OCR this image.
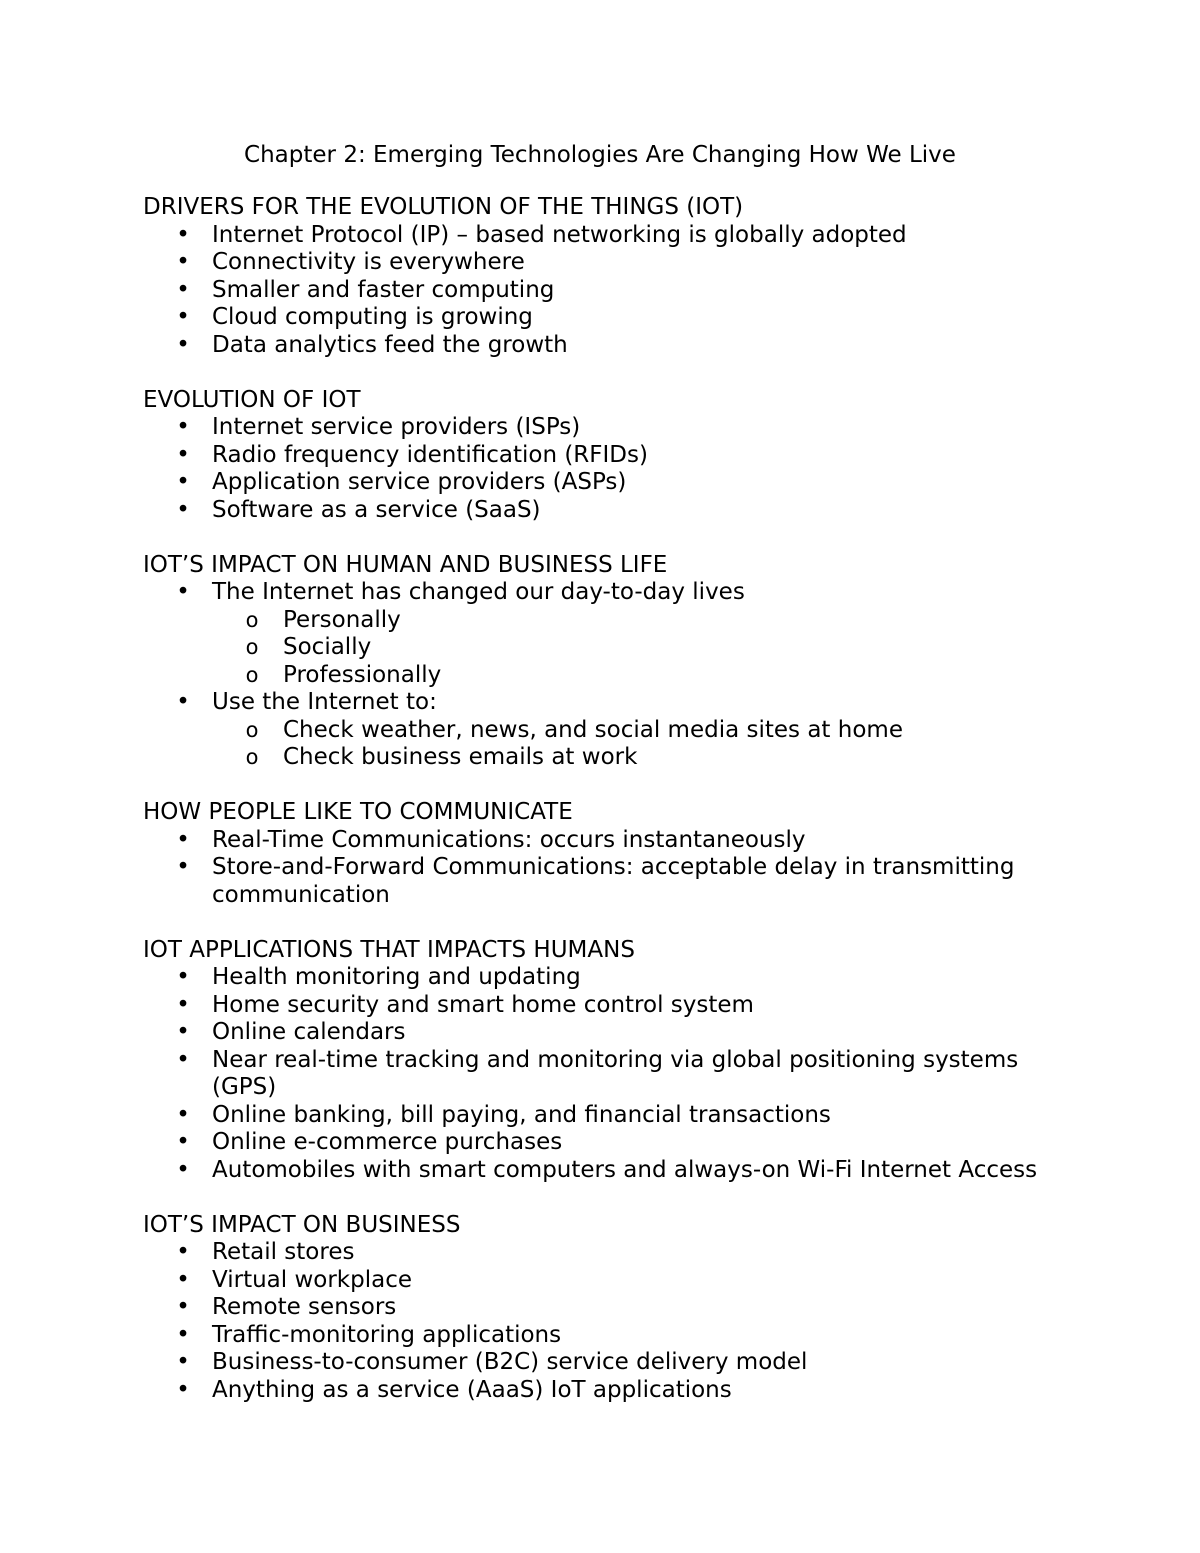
Chapter 2: Emerging Technologies Are Changing How We Live
DRIVERS FOR THE EVOLUTION OF THE THINGS (IOT)
• Internet Protocol (IP) – based networking is globally adopted
• Connectivity is everywhere
• Smaller and faster computing
• Cloud computing is growing
• Data analytics feed the growth
EVOLUTION OF IOT
• Internet service providers (ISPs)
• Radio frequency identification (RFIDs)
• Application service providers (ASPs)
• Software as a service (SaaS)
IOT’S IMPACT ON HUMAN AND BUSINESS LIFE
• The Internet has changed our day-to-day lives
o Personally
o Socially
o Professionally
• Use the Internet to:
o Check weather, news, and social media sites at home
o Check business emails at work
HOW PEOPLE LIKE TO COMMUNICATE
• Real-Time Communications: occurs instantaneously
• Store-and-Forward Communications: acceptable delay in transmitting communication
IOT APPLICATIONS THAT IMPACTS HUMANS
• Health monitoring and updating
• Home security and smart home control system
• Online calendars
• Near real-time tracking and monitoring via global positioning systems (GPS)
• Online banking, bill paying, and financial transactions
• Online e-commerce purchases
• Automobiles with smart computers and always-on Wi-Fi Internet Access
IOT’S IMPACT ON BUSINESS
• Retail stores
• Virtual workplace
• Remote sensors
• Traffic-monitoring applications
• Business-to-consumer (B2C) service delivery model
• Anything as a service (AaaS) IoT applications
